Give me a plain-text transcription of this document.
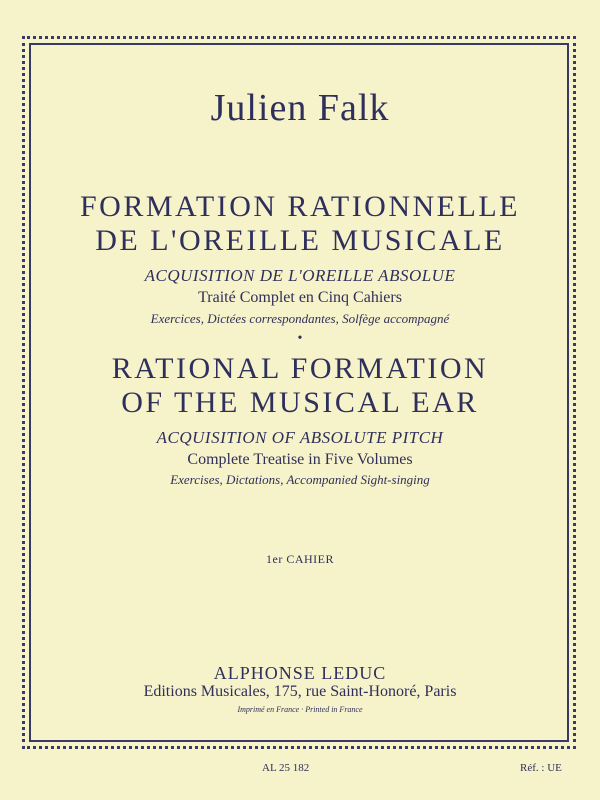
Julien Falk
FORMATION RATIONNELLE
DE L'OREILLE MUSICALE
ACQUISITION DE L'OREILLE ABSOLUE
Traité Complet en Cinq Cahiers
Exercices, Dictées correspondantes, Solfège accompagné
•
RATIONAL FORMATION
OF THE MUSICAL EAR
ACQUISITION OF ABSOLUTE PITCH
Complete Treatise in Five Volumes
Exercises, Dictations, Accompanied Sight-singing
1er CAHIER
ALPHONSE LEDUC
Editions Musicales, 175, rue Saint-Honoré, Paris
Imprimé en France · Printed in France
AL 25 182	Réf. : UE
